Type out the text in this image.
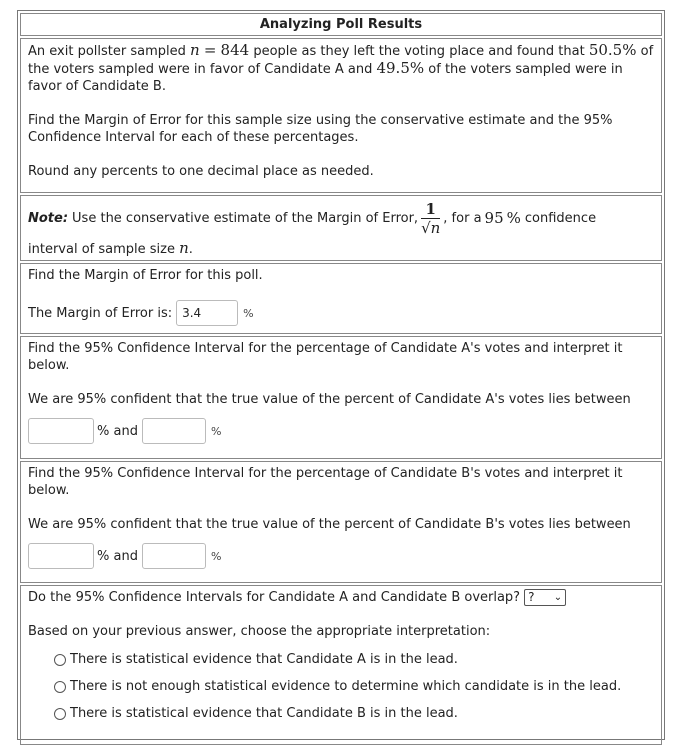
Analyzing Poll Results
An exit pollster sampled n = 844 people as they left the voting place and found that 50.5% of the voters sampled were in favor of Candidate A and 49.5% of the voters sampled were in favor of Candidate B.
Find the Margin of Error for this sample size using the conservative estimate and the 95% Confidence Interval for each of these percentages.
Round any percents to one decimal place as needed.
Note: Use the conservative estimate of the Margin of Error, $\frac{1}{√n}$ , for a 95 % confidence
interval of sample size n.
Find the Margin of Error for this poll.
The Margin of Error is: 3.4	%
Find the 95% Confidence Interval for the percentage of Candidate A's votes and interpret it below.
We are 95% confident that the true value of the percent of Candidate A's votes lies between
% and	%
Find the 95% Confidence Interval for the percentage of Candidate B's votes and interpret it below.
We are 95% confident that the true value of the percent of Candidate B's votes lies between
% and	%
Do the 95% Confidence Intervals for Candidate A and Candidate B overlap? ? ⌄
Based on your previous answer, choose the appropriate interpretation:
There is statistical evidence that Candidate A is in the lead.
There is not enough statistical evidence to determine which candidate is in the lead.
There is statistical evidence that Candidate B is in the lead.
